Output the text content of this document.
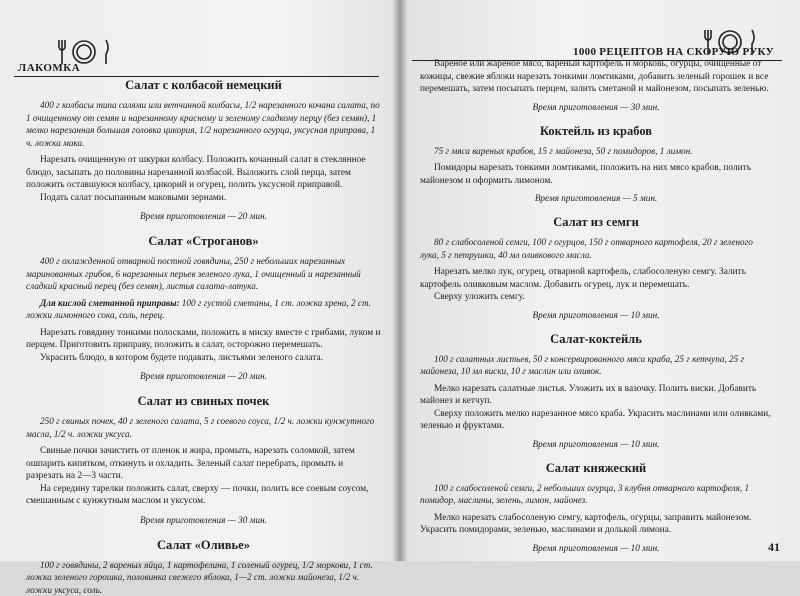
ЛАКОМКА
Салат с колбасой немецкий

400 г колбасы типа салями или ветчинной колбасы, 1/2 нарезанного кочана салата, по 1 очищенному от семян и нарезанному красному и зеленому сладкому перцу (без семян), 1 мелко нарезанная большая головка цикория, 1/2 нарезанного огурца, уксусная приправа, 1 ч. ложка мака.

Нарезать очищенную от шкурки колбасу. Положить кочанный салат в стеклянное блюдо, засыпать до половины нарезанной колбасой. Выложить слой перца, затем положить оставшуюся колбасу, цикорий и огурец, полить уксусной приправой.

Подать салат посыпанным маковыми зернами.

Время приготовления — 20 мин.

Салат «Строганов»

400 г охлажденной отварной постной говядины, 250 г небольших нарезанных маринованных грибов, 6 нарезанных перьев зеленого лука, 1 очищенный и нарезанный сладкий красный перец (без семян), листья салата-латука.

Для кислой сметанной приправы: 100 г густой сметаны, 1 ст. ложка хрена, 2 ст. ложки лимонного сока, соль, перец.

Нарезать говядину тонкими полосками, положить в миску вместе с грибами, луком и перцем. Приготовить приправу, положить в салат, осторожно перемешать.

Украсить блюдо, в котором будете подавать, листьями зеленого салата.

Время приготовления — 20 мин.

Салат из свиных почек

250 г свиных почек, 40 г зеленого салата, 5 г соевого соуса, 1/2 ч. ложки кунжутного масла, 1/2 ч. ложки уксуса.

Свиные почки зачистить от пленок и жира, промыть, нарезать соломкой, затем ошпарить кипятком, откинуть и охладить. Зеленый салат перебрать, промыть и разрезать на 2—3 части.

На середину тарелки положить салат, сверху — почки, полить все соевым соусом, смешанным с кунжутным маслом и уксусом.

Время приготовления — 30 мин.

Салат «Оливье»

100 г говядины, 2 вареных яйца, 1 картофелина, 1 соленый огурец, 1/2 моркови, 1 ст. ложка зеленого горошка, половинка свежего яблока, 1—2 ст. ложки майонеза, 1/2 ч. ложки уксуса, соль.

1000 РЕЦЕПТОВ НА СКОРУЮ РУКУ

Вареное или жареное мясо, вареный картофель и морковь, огурцы, очищенные от кожицы, свежие яблоки нарезать тонкими ломтиками, добавить зеленый горошек и все перемешать, затем посыпать перцем, залить сметаной и майонезом, посыпать зеленью.

Время приготовления — 30 мин.

Коктейль из крабов

75 г мяса вареных крабов, 15 г майонеза, 50 г помидоров, 1 лимон.

Помидоры нарезать тонкими ломтиками, положить на них мясо крабов, полить майонезом и оформить лимоном.

Время приготовления — 5 мин.

Салат из семги

80 г слабосоленой семги, 100 г огурцов, 150 г отварного картофеля, 20 г зеленого лука, 5 г петрушки, 40 мл оливкового масла.

Нарезать мелко лук, огурец, отварной картофель, слабосоленую семгу. Залить картофель оливковым маслом. Добавить огурец, лук и перемешать.

Сверху уложить семгу.

Время приготовления — 10 мин.

Салат-коктейль

100 г салатных листьев, 50 г консервированного мяса краба, 25 г кетчупа, 25 г майонеза, 10 мл виски, 10 г маслин или оливок.

Мелко нарезать салатные листья. Уложить их в вазочку. Полить виски. Добавить майонез и кетчуп.

Сверху положить мелко нарезанное мясо краба. Украсить маслинами или оливками, зеленью и фруктами.

Время приготовления — 10 мин.

Салат княжеский

100 г слабосоленой семги, 2 небольших огурца, 3 клубня отварного картофеля, 1 помидор, маслины, зелень, лимон, майонез.

Мелко нарезать слабосоленую семгу, картофель, огурцы, заправить майонезом. Украсить помидорами, зеленью, маслинами и долькой лимона.

Время приготовления — 10 мин.	41
